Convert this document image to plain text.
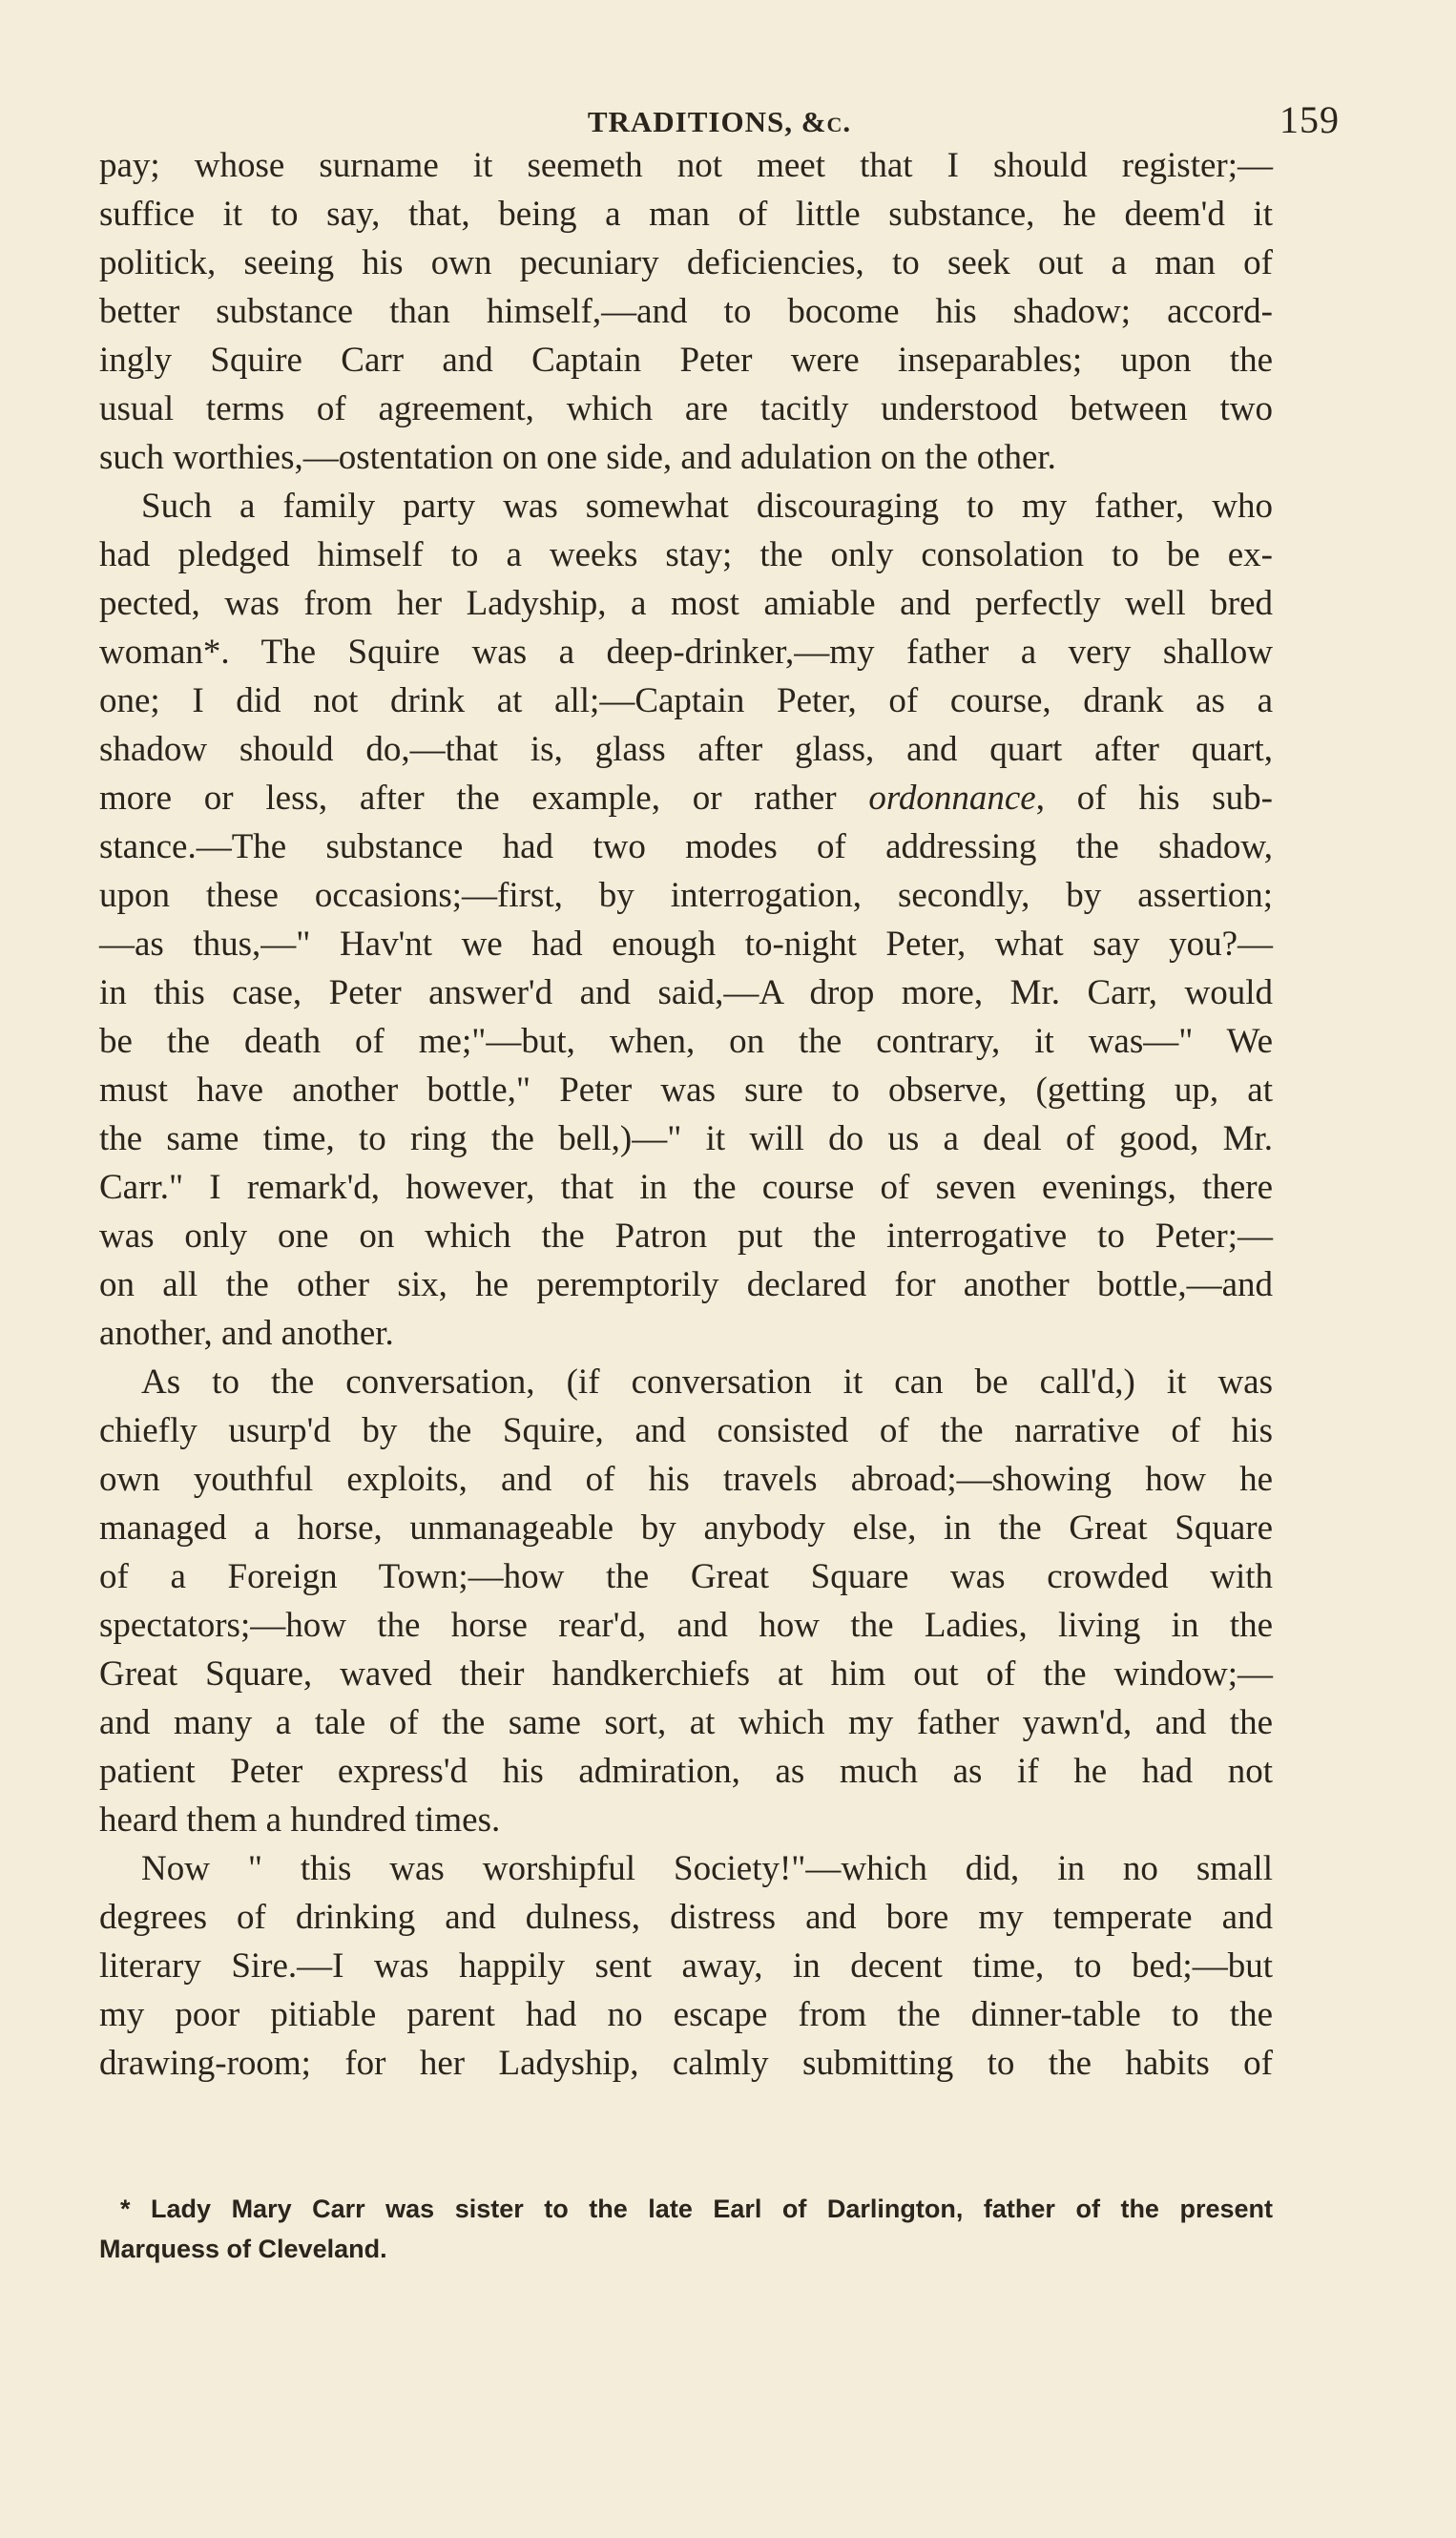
TRADITIONS, &c.	159
pay; whose surname it seemeth not meet that I should register;—
suffice it to say, that, being a man of little substance, he deem'd it
politick, seeing his own pecuniary deficiencies, to seek out a man of
better substance than himself,—and to bocome his shadow; accord-
ingly Squire Carr and Captain Peter were inseparables; upon the
usual terms of agreement, which are tacitly understood between two
such worthies,—ostentation on one side, and adulation on the other.
Such a family party was somewhat discouraging to my father, who
had pledged himself to a weeks stay; the only consolation to be ex-
pected, was from her Ladyship, a most amiable and perfectly well bred
woman*. The Squire was a deep-drinker,—my father a very shallow
one; I did not drink at all;—Captain Peter, of course, drank as a
shadow should do,—that is, glass after glass, and quart after quart,
more or less, after the example, or rather ordonnance, of his sub-
stance.—The substance had two modes of addressing the shadow,
upon these occasions;—first, by interrogation, secondly, by assertion;
—as thus,—" Hav'nt we had enough to-night Peter, what say you?—
in this case, Peter answer'd and said,—A drop more, Mr. Carr, would
be the death of me;"—but, when, on the contrary, it was—" We
must have another bottle," Peter was sure to observe, (getting up, at
the same time, to ring the bell,)—" it will do us a deal of good, Mr.
Carr." I remark'd, however, that in the course of seven evenings, there
was only one on which the Patron put the interrogative to Peter;—
on all the other six, he peremptorily declared for another bottle,—and
another, and another.
As to the conversation, (if conversation it can be call'd,) it was
chiefly usurp'd by the Squire, and consisted of the narrative of his
own youthful exploits, and of his travels abroad;—showing how he
managed a horse, unmanageable by anybody else, in the Great Square
of a Foreign Town;—how the Great Square was crowded with
spectators;—how the horse rear'd, and how the Ladies, living in the
Great Square, waved their handkerchiefs at him out of the window;—
and many a tale of the same sort, at which my father yawn'd, and the
patient Peter express'd his admiration, as much as if he had not
heard them a hundred times.
Now " this was worshipful Society!"—which did, in no small
degrees of drinking and dulness, distress and bore my temperate and
literary Sire.—I was happily sent away, in decent time, to bed;—but
my poor pitiable parent had no escape from the dinner-table to the
drawing-room; for her Ladyship, calmly submitting to the habits of
* Lady Mary Carr was sister to the late Earl of Darlington, father of the present
Marquess of Cleveland.
